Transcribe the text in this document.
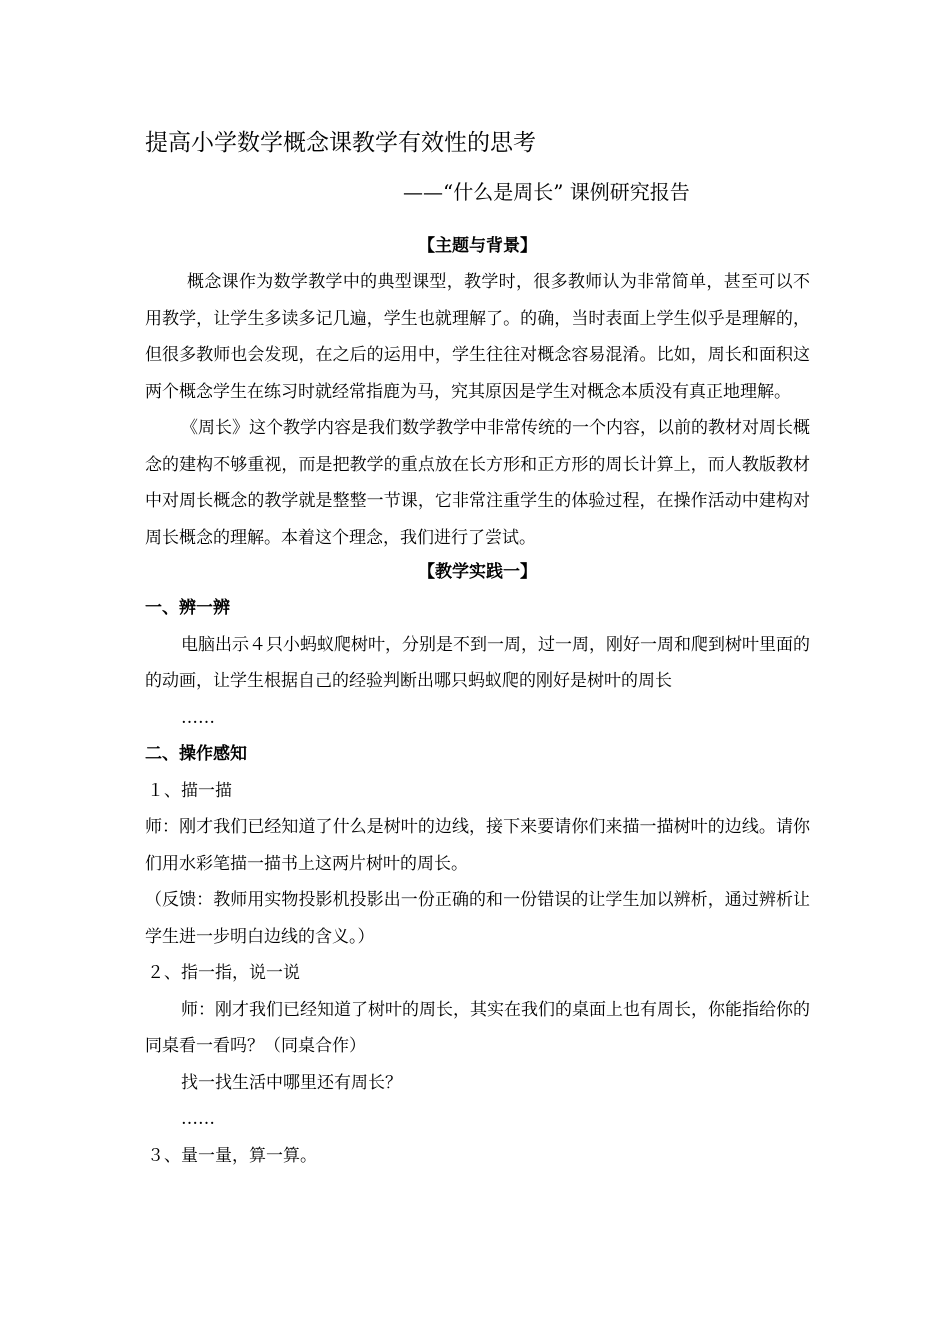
提高小学数学概念课教学有效性的思考
——“什么是周长” 课例研究报告
【主题与背景】

概念课作为数学教学中的典型课型，教学时，很多教师认为非常简单，甚至可以不用教学，让学生多读多记几遍，学生也就理解了。的确，当时表面上学生似乎是理解的，但很多教师也会发现，在之后的运用中，学生往往对概念容易混淆。比如，周长和面积这两个概念学生在练习时就经常指鹿为马，究其原因是学生对概念本质没有真正地理解。

《周长》这个教学内容是我们数学教学中非常传统的一个内容，以前的教材对周长概念的建构不够重视，而是把教学的重点放在长方形和正方形的周长计算上，而人教版教材中对周长概念的教学就是整整一节课，它非常注重学生的体验过程，在操作活动中建构对周长概念的理解。本着这个理念，我们进行了尝试。

【教学实践一】

一、辨一辨

电脑出示４只小蚂蚁爬树叶，分别是不到一周，过一周，刚好一周和爬到树叶里面的的动画，让学生根据自己的经验判断出哪只蚂蚁爬的刚好是树叶的周长

……

二、操作感知

１、描一描

师：刚才我们已经知道了什么是树叶的边线，接下来要请你们来描一描树叶的边线。请你们用水彩笔描一描书上这两片树叶的周长。

（反馈：教师用实物投影机投影出一份正确的和一份错误的让学生加以辨析，通过辨析让学生进一步明白边线的含义。）

２、指一指，说一说

师：刚才我们已经知道了树叶的周长，其实在我们的桌面上也有周长，你能指给你的同桌看一看吗？（同桌合作）

找一找生活中哪里还有周长？

……

３、量一量，算一算。
